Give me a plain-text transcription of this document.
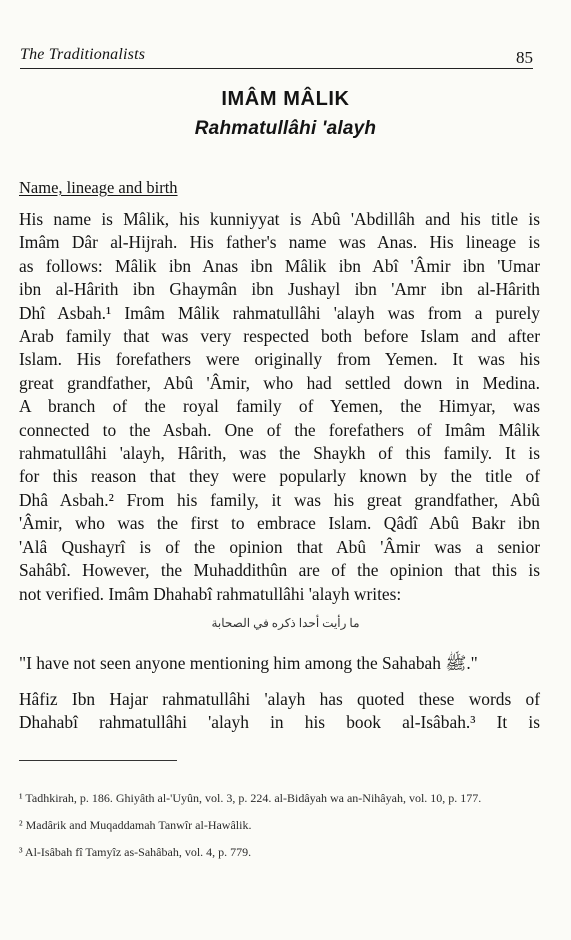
The Traditionalists	85
IMÂM MÂLIK
Rahmatullâhi 'alayh
Name, lineage and birth
His name is Mâlik, his kunniyyat is Abû 'Abdillâh and his title is
Imâm Dâr al-Hijrah. His father's name was Anas. His lineage is
as follows: Mâlik ibn Anas ibn Mâlik ibn Abî 'Âmir ibn 'Umar
ibn al-Hârith ibn Ghaymân ibn Jushayl ibn 'Amr ibn al-Hârith
Dhî Asbah.¹ Imâm Mâlik rahmatullâhi 'alayh was from a purely
Arab family that was very respected both before Islam and after
Islam. His forefathers were originally from Yemen. It was his
great grandfather, Abû 'Âmir, who had settled down in Medina.
A branch of the royal family of Yemen, the Himyar, was
connected to the Asbah. One of the forefathers of Imâm Mâlik
rahmatullâhi 'alayh, Hârith, was the Shaykh of this family. It is
for this reason that they were popularly known by the title of
Dhâ Asbah.² From his family, it was his great grandfather, Abû
'Âmir, who was the first to embrace Islam. Qâdî Abû Bakr ibn
'Alâ Qushayrî is of the opinion that Abû 'Âmir was a senior
Sahâbî. However, the Muhaddithûn are of the opinion that this is
not verified. Imâm Dhahabî rahmatullâhi 'alayh writes:
ما رأيت أحدا ذكره في الصحابة
"I have not seen anyone mentioning him among the Sahabah ﷺ."
Hâfiz Ibn Hajar rahmatullâhi 'alayh has quoted these words of
Dhahabî rahmatullâhi 'alayh in his book al-Isâbah.³ It is
¹ Tadhkirah, p. 186. Ghiyâth al-'Uyûn, vol. 3, p. 224. al-Bidâyah wa an-Nihâyah, vol. 10, p. 177.
² Madârik and Muqaddamah Tanwîr al-Hawâlik.
³ Al-Isâbah fî Tamyîz as-Sahâbah, vol. 4, p. 779.
